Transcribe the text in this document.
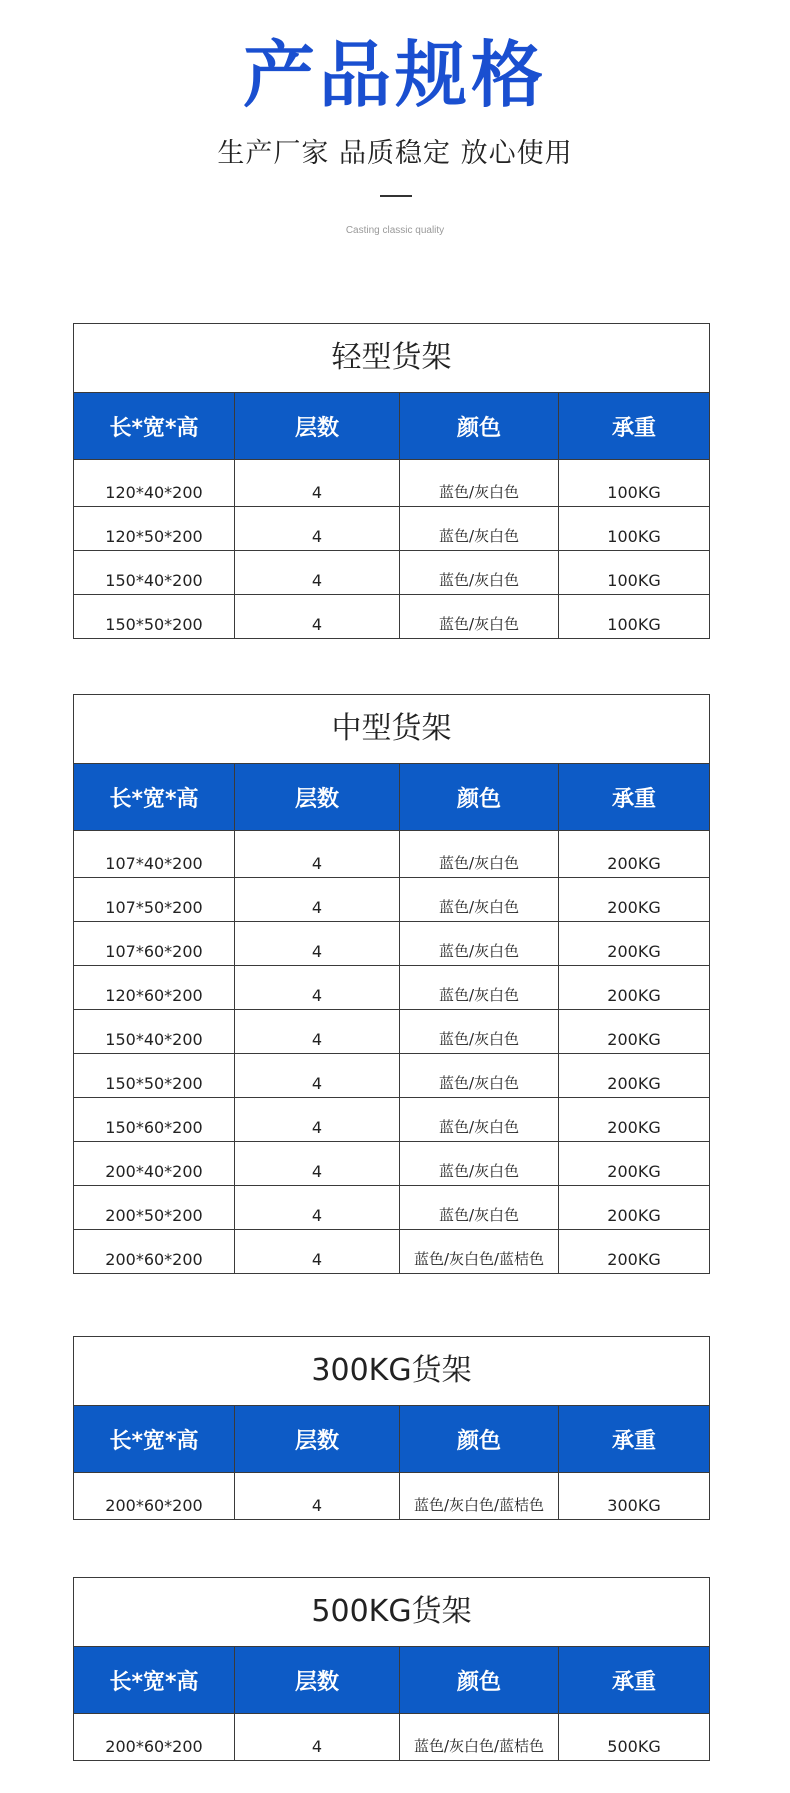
产品规格
生产厂家 品质稳定 放心使用
Casting classic quality
轻型货架			
长*宽*高	层数	颜色	承重
120*40*200	4	蓝色/灰白色	100KG
120*50*200	4	蓝色/灰白色	100KG
150*40*200	4	蓝色/灰白色	100KG
150*50*200	4	蓝色/灰白色	100KG
中型货架			
长*宽*高	层数	颜色	承重
107*40*200	4	蓝色/灰白色	200KG
107*50*200	4	蓝色/灰白色	200KG
107*60*200	4	蓝色/灰白色	200KG
120*60*200	4	蓝色/灰白色	200KG
150*40*200	4	蓝色/灰白色	200KG
150*50*200	4	蓝色/灰白色	200KG
150*60*200	4	蓝色/灰白色	200KG
200*40*200	4	蓝色/灰白色	200KG
200*50*200	4	蓝色/灰白色	200KG
200*60*200	4	蓝色/灰白色/蓝桔色	200KG
300KG货架			
长*宽*高	层数	颜色	承重
200*60*200	4	蓝色/灰白色/蓝桔色	300KG
500KG货架			
长*宽*高	层数	颜色	承重
200*60*200	4	蓝色/灰白色/蓝桔色	500KG
